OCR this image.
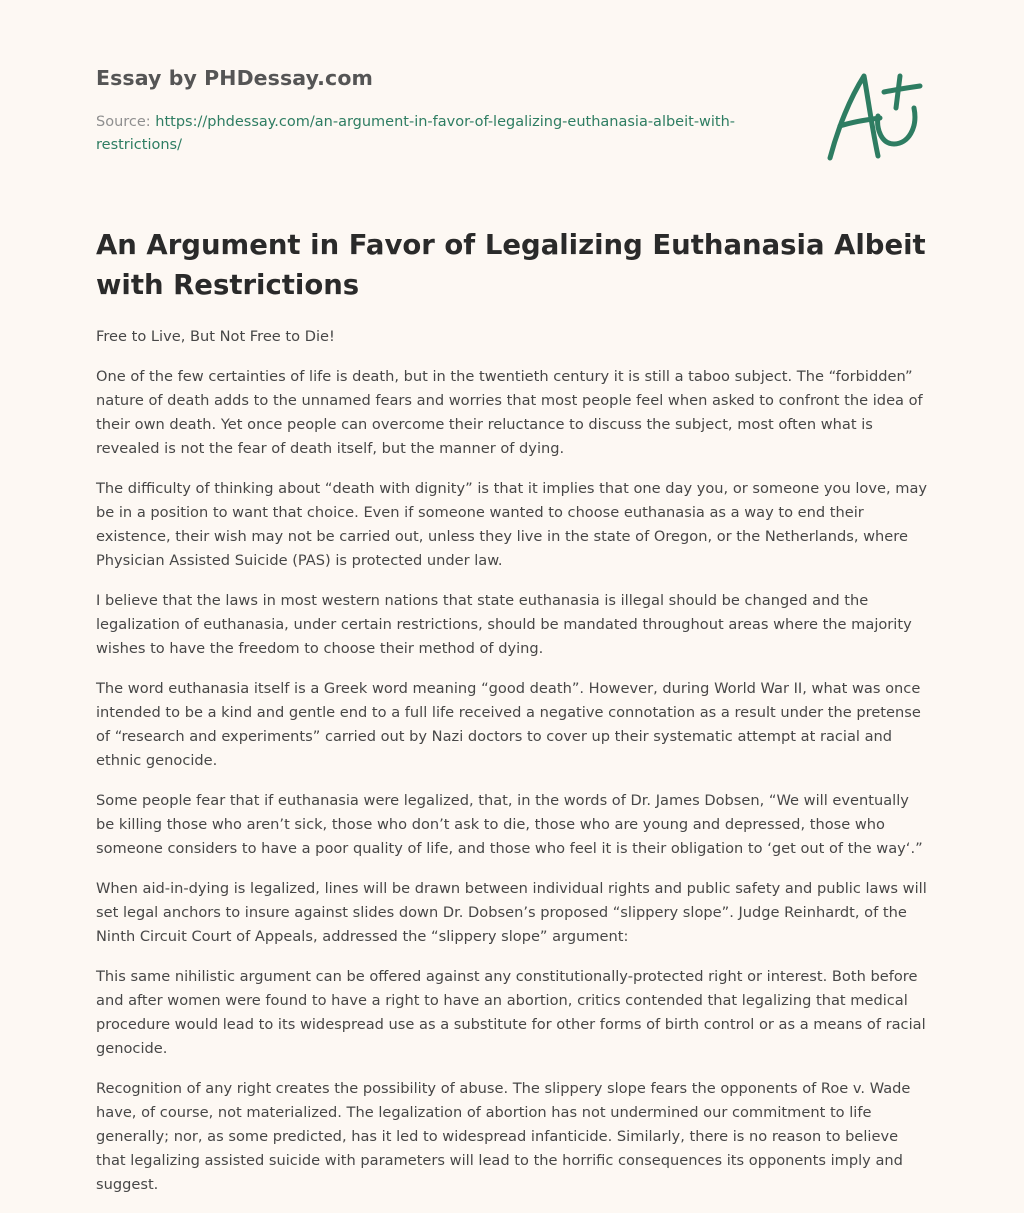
Essay by PHDessay.com

Source: https://phdessay.com/an-argument-in-favor-of-legalizing-euthanasia-albeit-with-restrictions/

An Argument in Favor of Legalizing Euthanasia Albeit with Restrictions

Free to Live, But Not Free to Die!

One of the few certainties of life is death, but in the twentieth century it is still a taboo subject. The “forbidden” nature of death adds to the unnamed fears and worries that most people feel when asked to confront the idea of their own death. Yet once people can overcome their reluctance to discuss the subject, most often what is revealed is not the fear of death itself, but the manner of dying.

The difficulty of thinking about “death with dignity” is that it implies that one day you, or someone you love, may be in a position to want that choice. Even if someone wanted to choose euthanasia as a way to end their existence, their wish may not be carried out, unless they live in the state of Oregon, or the Netherlands, where Physician Assisted Suicide (PAS) is protected under law.

I believe that the laws in most western nations that state euthanasia is illegal should be changed and the legalization of euthanasia, under certain restrictions, should be mandated throughout areas where the majority wishes to have the freedom to choose their method of dying.

The word euthanasia itself is a Greek word meaning “good death”. However, during World War II, what was once intended to be a kind and gentle end to a full life received a negative connotation as a result under the pretense of “research and experiments” carried out by Nazi doctors to cover up their systematic attempt at racial and ethnic genocide.

Some people fear that if euthanasia were legalized, that, in the words of Dr. James Dobsen, “We will eventually be killing those who aren’t sick, those who don’t ask to die, those who are young and depressed, those who someone considers to have a poor quality of life, and those who feel it is their obligation to ‘get out of the way‘.”

When aid-in-dying is legalized, lines will be drawn between individual rights and public safety and public laws will set legal anchors to insure against slides down Dr. Dobsen’s proposed “slippery slope”. Judge Reinhardt, of the Ninth Circuit Court of Appeals, addressed the “slippery slope” argument:

This same nihilistic argument can be offered against any constitutionally-protected right or interest. Both before and after women were found to have a right to have an abortion, critics contended that legalizing that medical procedure would lead to its widespread use as a substitute for other forms of birth control or as a means of racial genocide.

Recognition of any right creates the possibility of abuse. The slippery slope fears the opponents of Roe v. Wade have, of course, not materialized. The legalization of abortion has not undermined our commitment to life generally; nor, as some predicted, has it led to widespread infanticide. Similarly, there is no reason to believe that legalizing assisted suicide with parameters will lead to the horrific consequences its opponents imply and suggest.
